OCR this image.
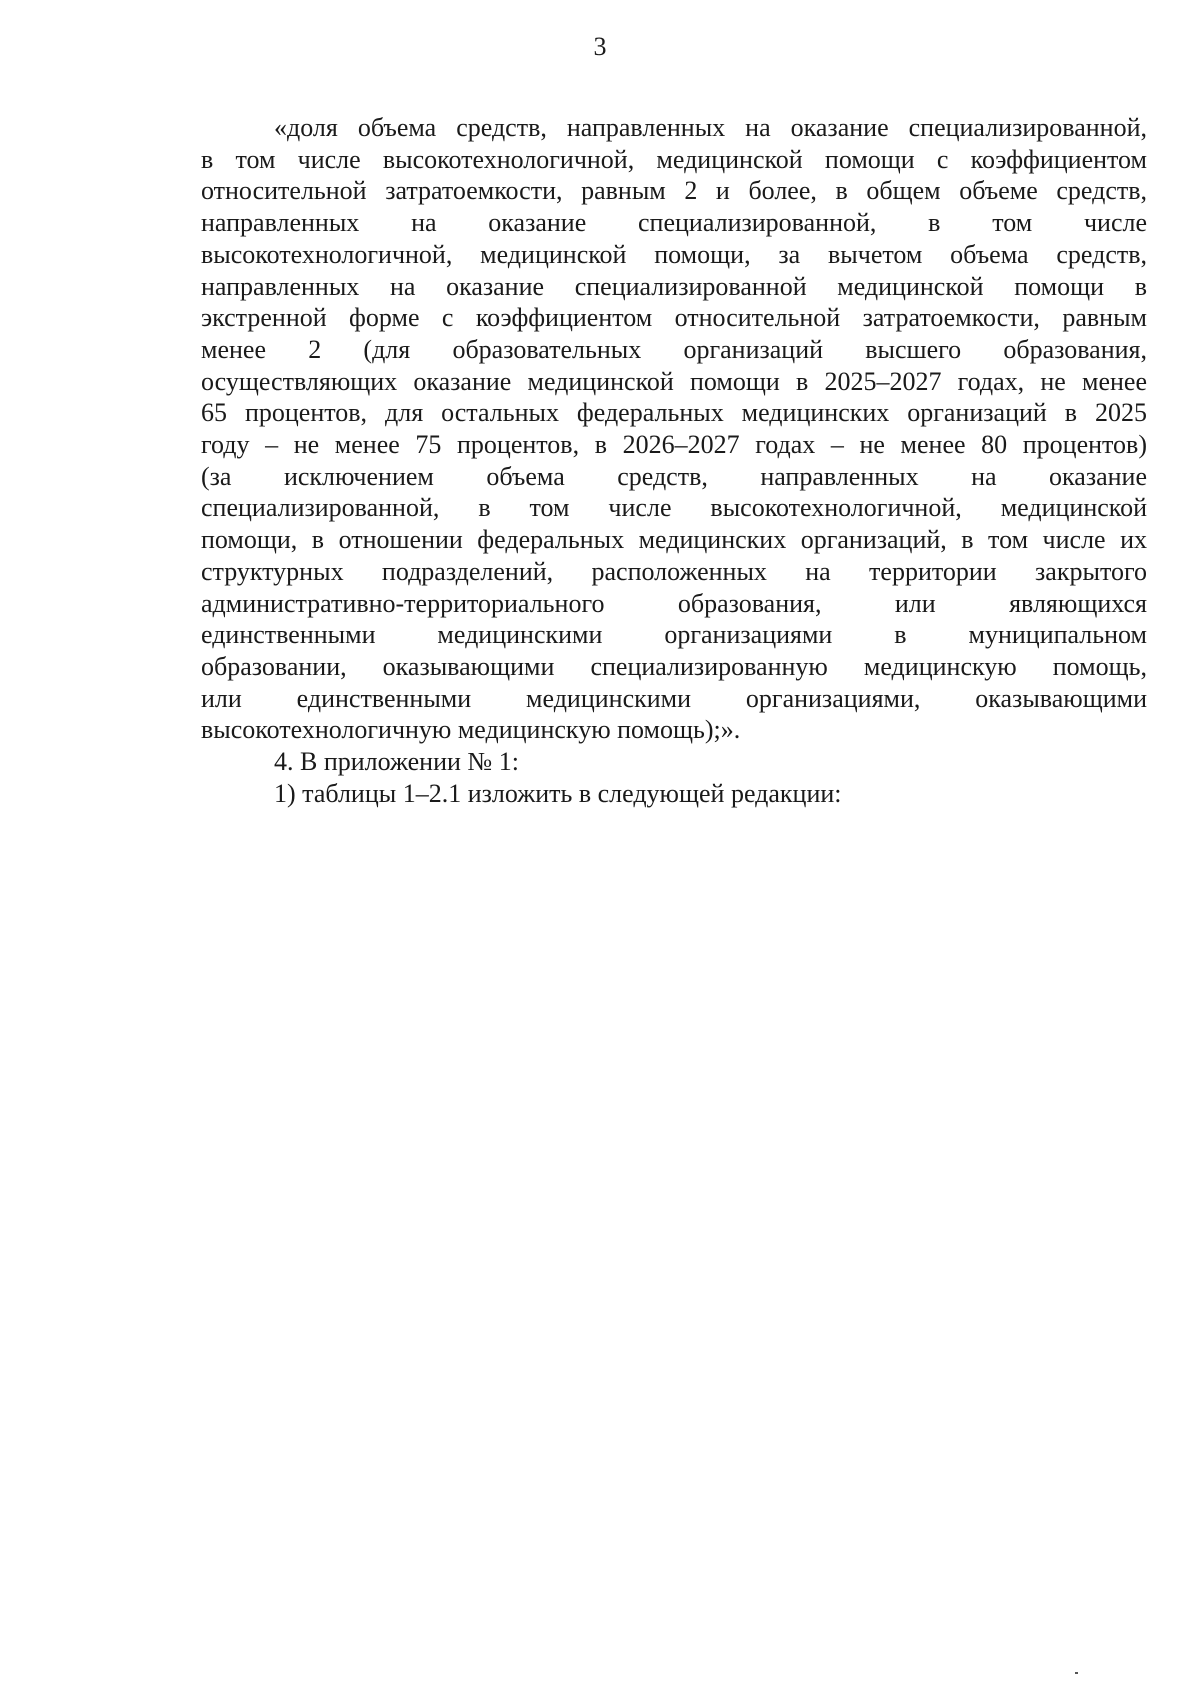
3

«доля объема средств, направленных на оказание специализированной,
в том числе высокотехнологичной, медицинской помощи с коэффициентом
относительной затратоемкости, равным 2 и более, в общем объеме средств,
направленных на оказание специализированной, в том числе
высокотехнологичной, медицинской помощи, за вычетом объема средств,
направленных на оказание специализированной медицинской помощи в
экстренной форме с коэффициентом относительной затратоемкости, равным
менее 2 (для образовательных организаций высшего образования,
осуществляющих оказание медицинской помощи в 2025–2027 годах, не менее
65 процентов, для остальных федеральных медицинских организаций в 2025
году – не менее 75 процентов, в 2026–2027 годах – не менее 80 процентов)
(за исключением объема средств, направленных на оказание
специализированной, в том числе высокотехнологичной, медицинской
помощи, в отношении федеральных медицинских организаций, в том числе их
структурных подразделений, расположенных на территории закрытого
административно-территориального образования, или являющихся
единственными медицинскими организациями в муниципальном
образовании, оказывающими специализированную медицинскую помощь,
или единственными медицинскими организациями, оказывающими
высокотехнологичную медицинскую помощь);».

4. В приложении № 1:
1) таблицы 1–2.1 изложить в следующей редакции:
